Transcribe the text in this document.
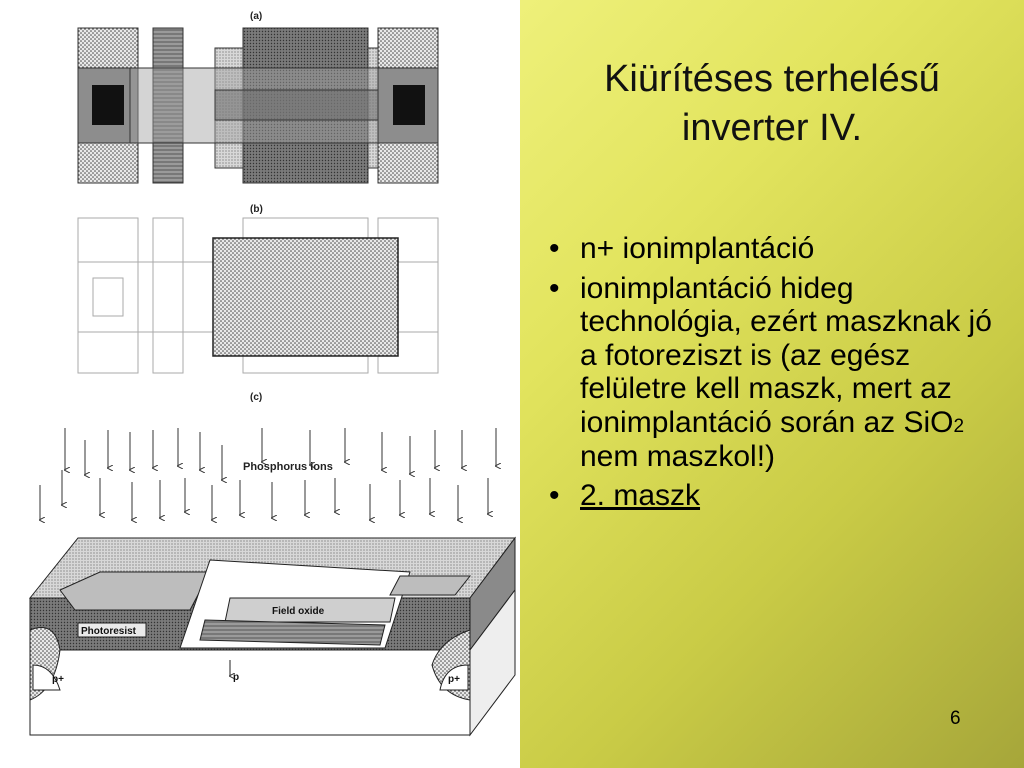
(a)
(b)
(c)
Phosphorus ions
Photoresist
Field oxide
p+	p+
p
Kiürítéses terhelésű
inverter IV.
• n+ ionimplantáció
• ionimplantáció hideg technológia, ezért maszknak jó a fotoreziszt is (az egész felületre kell maszk, mert az ionimplantáció során az SiO2 nem maszkol!)
• 2. maszk
6
